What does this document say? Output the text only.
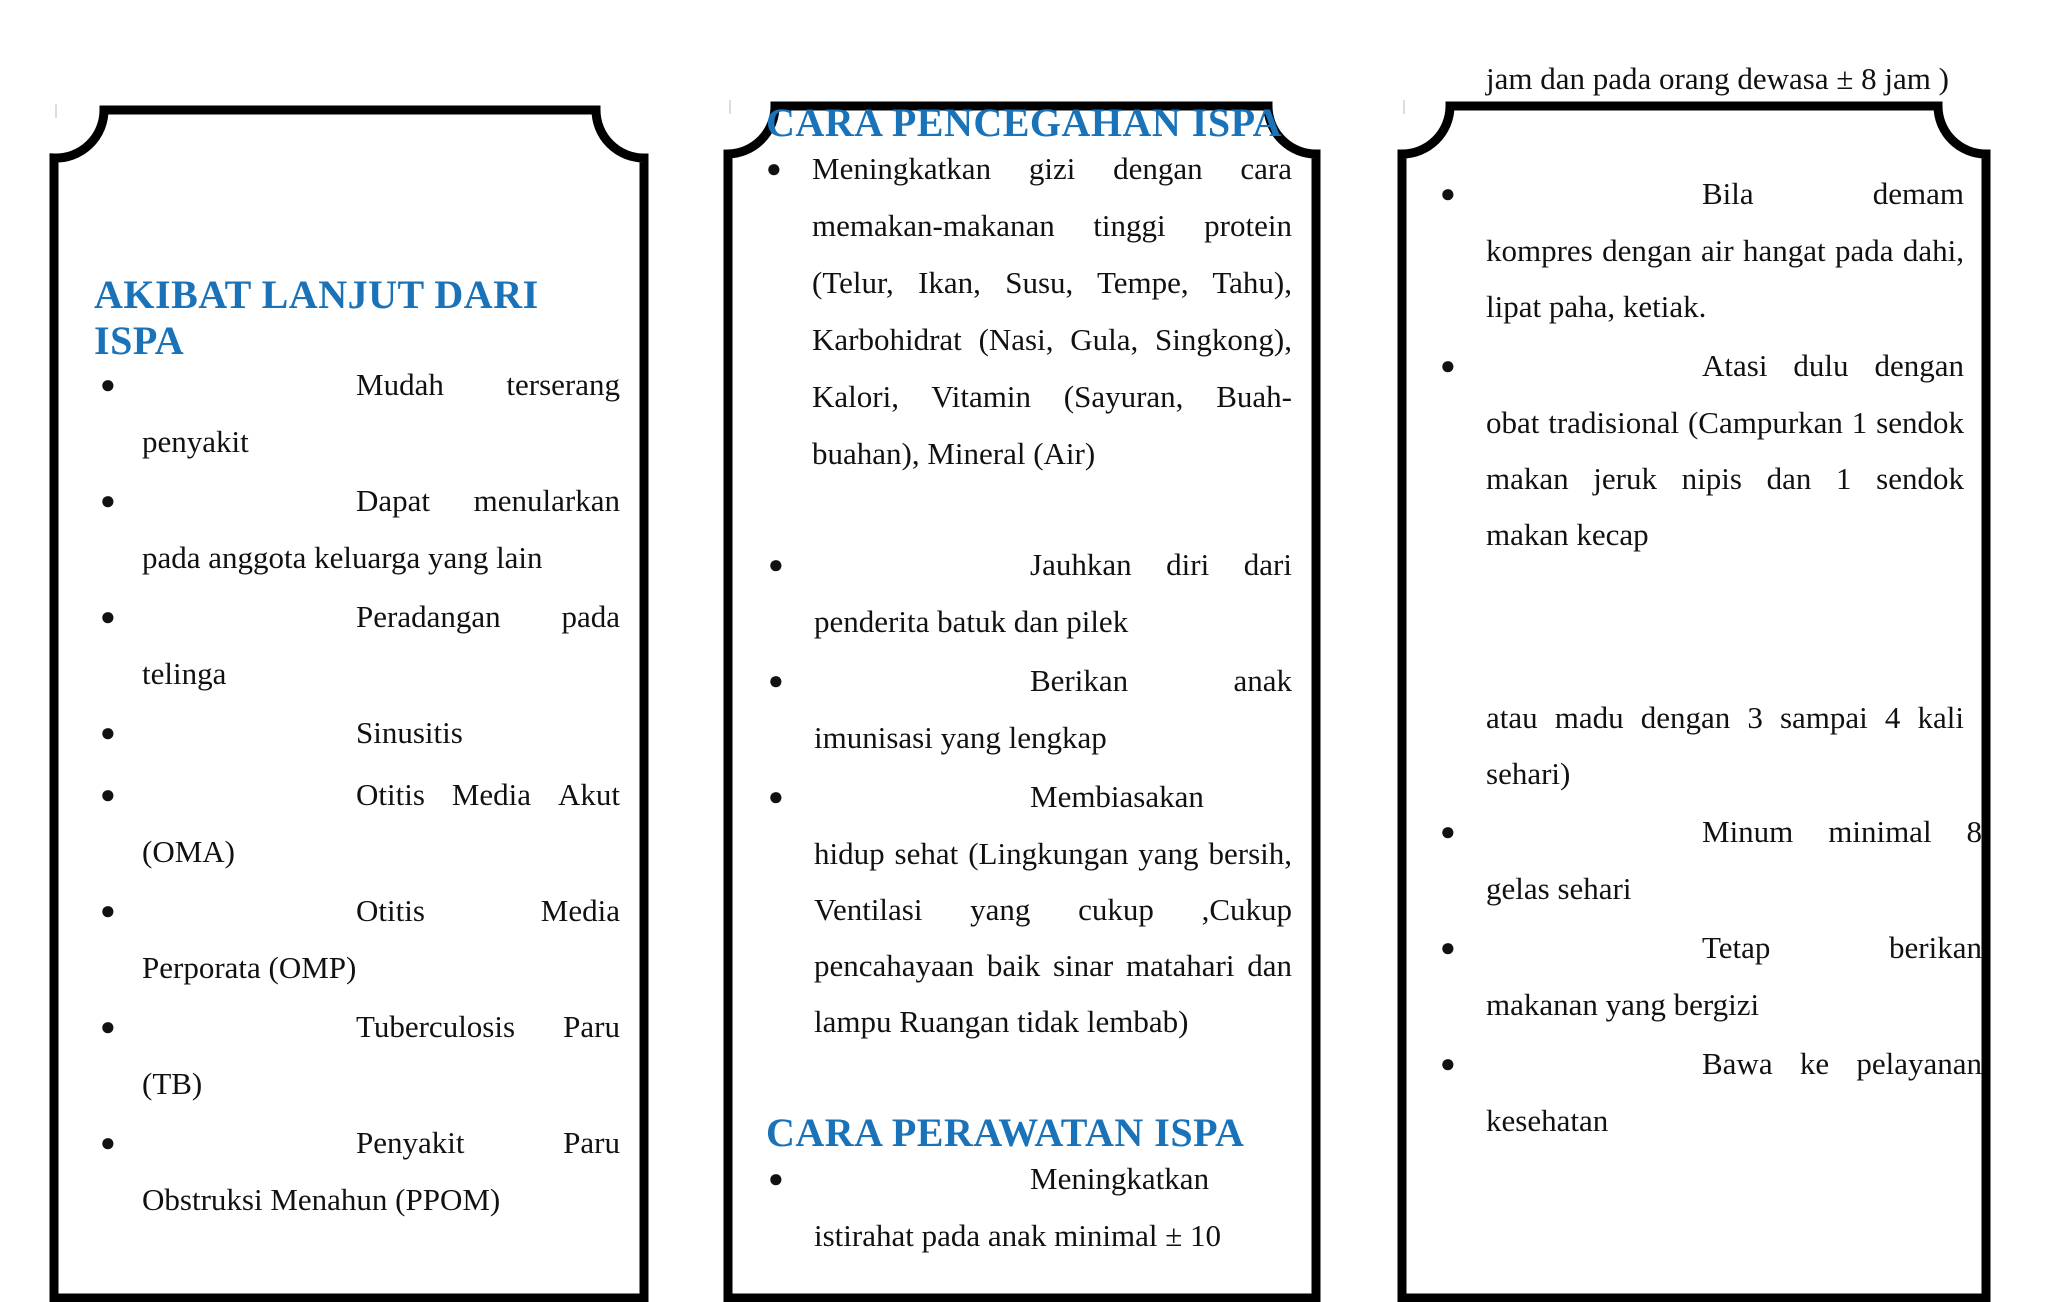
AKIBAT LANJUT DARI
ISPA
●	Mudah terserang
penyakit
●	Dapat menularkan
pada anggota keluarga yang lain
●	Peradangan pada
telinga
●	Sinusitis
●	Otitis Media Akut
(OMA)
●	Otitis	Media
Perporata (OMP)
●	Tuberculosis Paru
(TB)
●	Penyakit	Paru
Obstruksi Menahun (PPOM)
CARA PENCEGAHAN ISPA
● Meningkatkan gizi dengan cara memakan-makanan tinggi protein (Telur, Ikan, Susu, Tempe, Tahu), Karbohidrat (Nasi, Gula, Singkong), Kalori, Vitamin (Sayuran, Buah-buahan), Mineral (Air)

●	Jauhkan diri dari
penderita batuk dan pilek
●	Berikan	anak
imunisasi yang lengkap
●	Membiasakan
hidup sehat (Lingkungan yang bersih, Ventilasi yang cukup ,Cukup pencahayaan baik sinar matahari dan lampu Ruangan tidak lembab)
CARA PERAWATAN ISPA
●	Meningkatkan
istirahat pada anak minimal ± 10

jam dan pada orang dewasa ± 8 jam )

●	Bila	demam
kompres dengan air hangat pada dahi, lipat paha, ketiak.
●	Atasi dulu dengan
obat tradisional (Campurkan 1 sendok makan jeruk nipis dan 1 sendok makan kecap

atau madu dengan 3 sampai 4 kali sehari)

●	Minum minimal 8
gelas sehari
●	Tetap	berikan
makanan yang bergizi
●	Bawa ke pelayanan
kesehatan
